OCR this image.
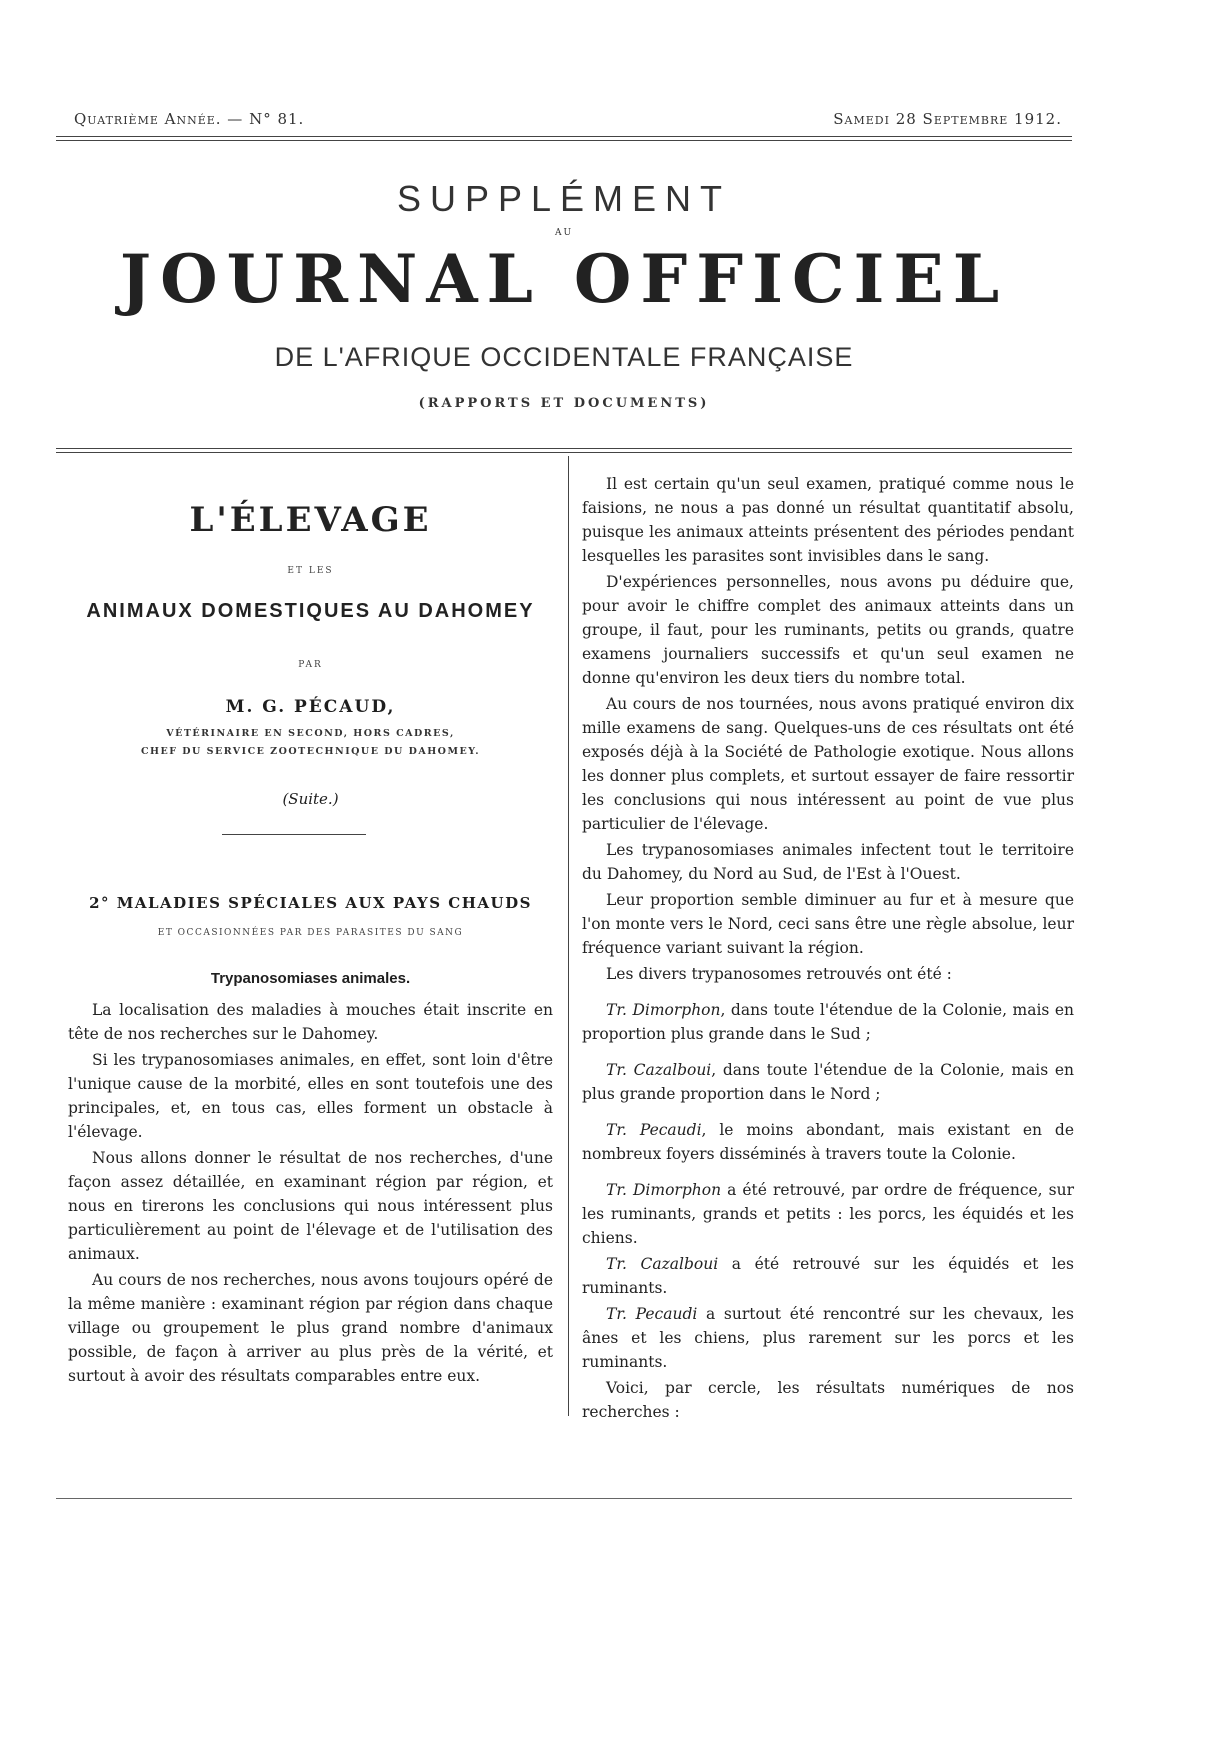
Quatrième Année. — N° 81.	Samedi 28 Septembre 1912.
SUPPLÉMENT
AU
JOURNAL OFFICIEL
DE L'AFRIQUE OCCIDENTALE FRANÇAISE
(RAPPORTS ET DOCUMENTS)
L'ÉLEVAGE
ET LES
ANIMAUX DOMESTIQUES AU DAHOMEY
PAR
M. G. PÉCAUD,
VÉTÉRINAIRE EN SECOND, HORS CADRES,
CHEF DU SERVICE ZOOTECHNIQUE DU DAHOMEY.
(Suite.)
2° MALADIES SPÉCIALES AUX PAYS CHAUDS
ET OCCASIONNÉES PAR DES PARASITES DU SANG
Trypanosomiases animales.

La localisation des maladies à mouches était inscrite en tête de nos recherches sur le Dahomey.

Si les trypanosomiases animales, en effet, sont loin d'être l'unique cause de la morbité, elles en sont toutefois une des principales, et, en tous cas, elles forment un obstacle à l'élevage.

Nous allons donner le résultat de nos recherches, d'une façon assez détaillée, en examinant région par région, et nous en tirerons les conclusions qui nous intéressent plus particulièrement au point de l'élevage et de l'utilisation des animaux.

Au cours de nos recherches, nous avons toujours opéré de la même manière : examinant région par région dans chaque village ou groupement le plus grand nombre d'animaux possible, de façon à arriver au plus près de la vérité, et surtout à avoir des résultats comparables entre eux.

Il est certain qu'un seul examen, pratiqué comme nous le faisions, ne nous a pas donné un résultat quantitatif absolu, puisque les animaux atteints présentent des périodes pendant lesquelles les parasites sont invisibles dans le sang.

D'expériences personnelles, nous avons pu déduire que, pour avoir le chiffre complet des animaux atteints dans un groupe, il faut, pour les ruminants, petits ou grands, quatre examens journaliers successifs et qu'un seul examen ne donne qu'environ les deux tiers du nombre total.

Au cours de nos tournées, nous avons pratiqué environ dix mille examens de sang. Quelques-uns de ces résultats ont été exposés déjà à la Société de Pathologie exotique. Nous allons les donner plus complets, et surtout essayer de faire ressortir les conclusions qui nous intéressent au point de vue plus particulier de l'élevage.

Les trypanosomiases animales infectent tout le territoire du Dahomey, du Nord au Sud, de l'Est à l'Ouest.

Leur proportion semble diminuer au fur et à mesure que l'on monte vers le Nord, ceci sans être une règle absolue, leur fréquence variant suivant la région.

Les divers trypanosomes retrouvés ont été :

Tr. Dimorphon, dans toute l'étendue de la Colonie, mais en proportion plus grande dans le Sud ;

Tr. Cazalboui, dans toute l'étendue de la Colonie, mais en plus grande proportion dans le Nord ;

Tr. Pecaudi, le moins abondant, mais existant en de nombreux foyers disséminés à travers toute la Colonie.

Tr. Dimorphon a été retrouvé, par ordre de fréquence, sur les ruminants, grands et petits : les porcs, les équidés et les chiens.

Tr. Cazalboui a été retrouvé sur les équidés et les ruminants.

Tr. Pecaudi a surtout été rencontré sur les chevaux, les ânes et les chiens, plus rarement sur les porcs et les ruminants.

Voici, par cercle, les résultats numériques de nos recherches :
